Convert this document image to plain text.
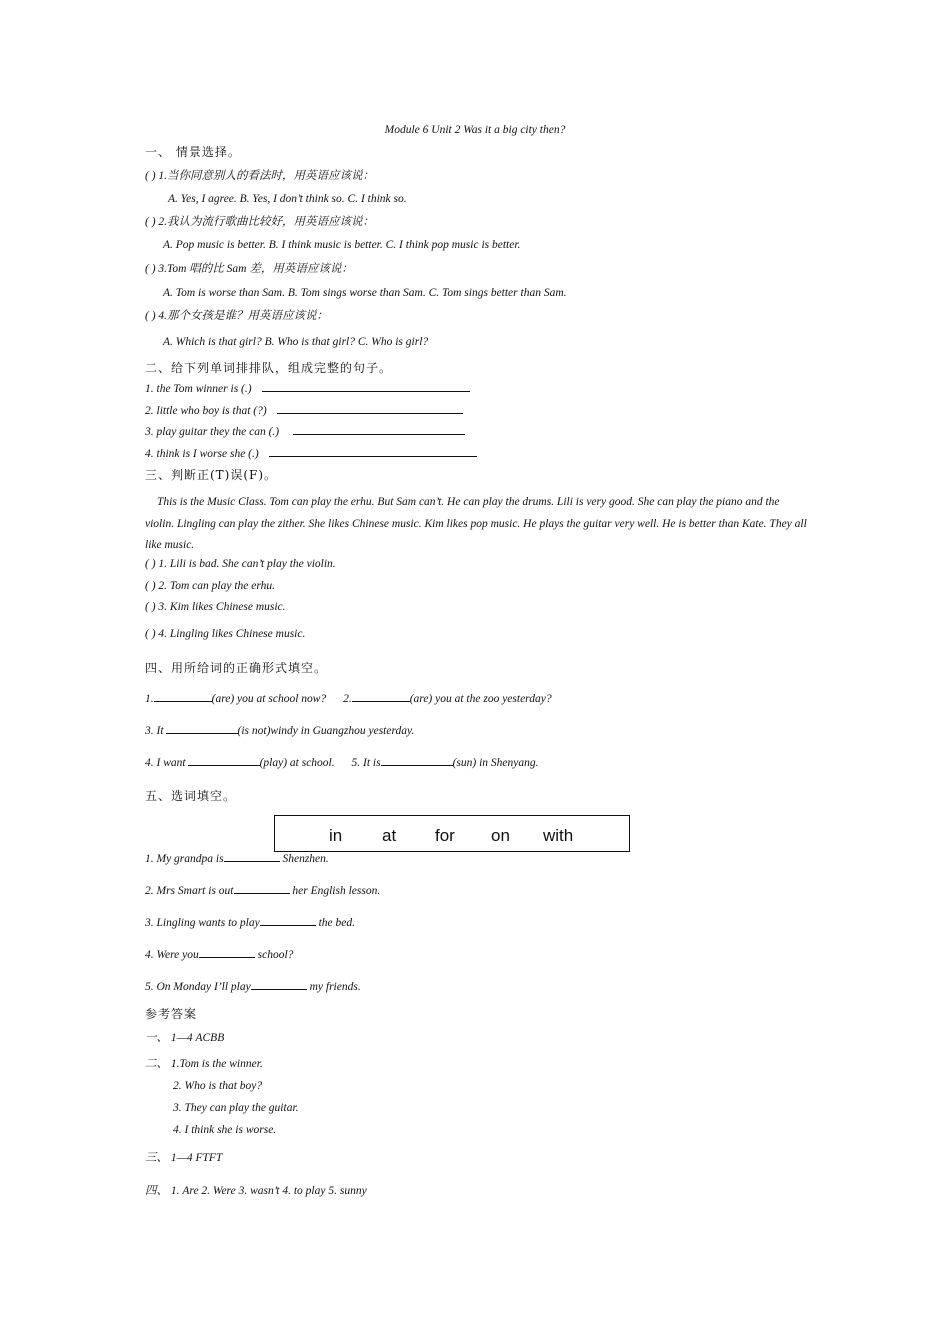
Module 6 Unit 2 Was it a big city then?
一、 情景选择。
( ) 1.当你同意别人的看法时，用英语应该说：
A. Yes, I agree. B. Yes, I don’t think so. C. I think so.
( ) 2.我认为流行歌曲比较好，用英语应该说：
A. Pop music is better. B. I think music is better. C. I think pop music is better.
( ) 3.Tom 唱的比 Sam 差，用英语应该说：
A. Tom is worse than Sam. B. Tom sings worse than Sam. C. Tom sings better than Sam.
( ) 4.那个女孩是谁？用英语应该说：
A. Which is that girl? B. Who is that girl? C. Who is girl?
二、给下列单词排排队，组成完整的句子。
1. the Tom winner is (.)
2. little who boy is that (?)
3. play guitar they the can (.)
4. think is I worse she (.)
三、判断正(T)误(F)。
This is the Music Class. Tom can play the erhu. But Sam can’t. He can play the drums. Lili is very good. She can play the piano and the violin. Lingling can play the zither. She likes Chinese music. Kim likes pop music. He plays the guitar very well. He is better than Kate. They all like music.
( ) 1. Lili is bad. She can’t play the violin.
( ) 2. Tom can play the erhu.
( ) 3. Kim likes Chinese music.
( ) 4. Lingling likes Chinese music.
四、用所给词的正确形式填空。
1.	(are) you at school now? 2.	(are) you at the zoo yesterday?
3. It	(is not)windy in Guangzhou yesterday.
4. I want	(play) at school. 5. It is	(sun) in Shenyang.
五、选词填空。
in at for on with
1. My grandpa is	Shenzhen.
2. Mrs Smart is out	her English lesson.
3. Lingling wants to play	the bed.
4. Were you	school?
5. On Monday I’ll play	my friends.
参考答案
一、 1—4 ACBB
二、 1.Tom is the winner.
2. Who is that boy?
3. They can play the guitar.
4. I think she is worse.
三、 1—4 FTFT
四、 1. Are 2. Were 3. wasn’t 4. to play 5. sunny
